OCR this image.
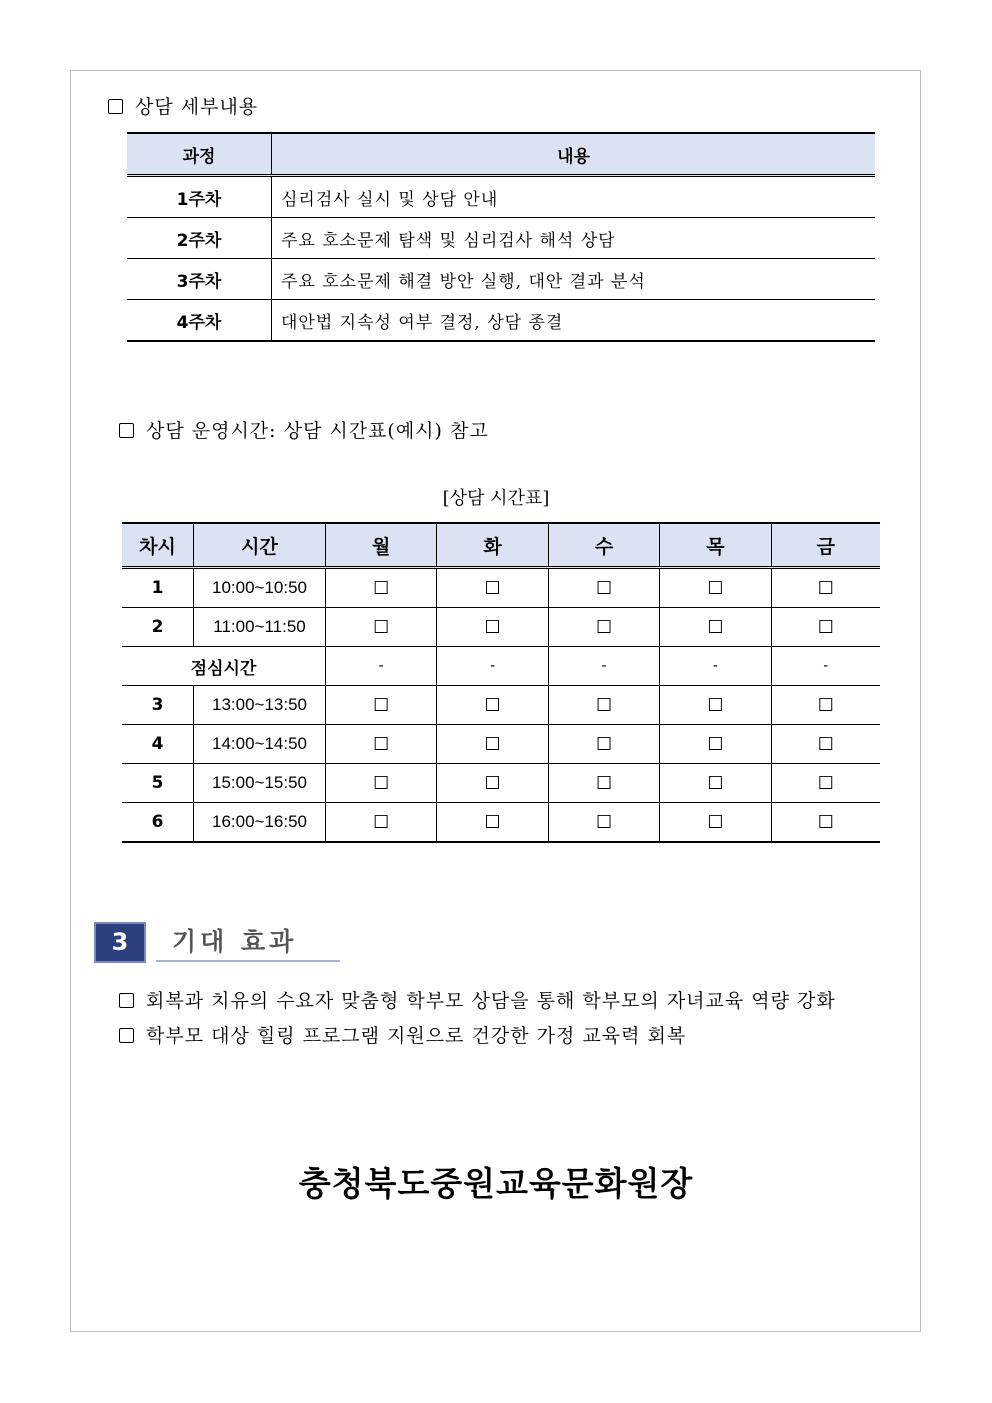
상담 세부내용
과정	내용
1주차	심리검사 실시 및 상담 안내
2주차	주요 호소문제 탐색 및 심리검사 해석 상담
3주차	주요 호소문제 해결 방안 실행, 대안 결과 분석
4주차	대안법 지속성 여부 결정, 상담 종결
상담 운영시간: 상담 시간표(예시) 참고
[상담 시간표]
차시	시간	월	화	수	목	금
1	10:00~10:50	☐	☐	☐	☐	☐
2	11:00~11:50	☐	☐	☐	☐	☐
점심시간		-	-	-	-	-
3	13:00~13:50	☐	☐	☐	☐	☐
4	14:00~14:50	☐	☐	☐	☐	☐
5	15:00~15:50	☐	☐	☐	☐	☐
6	16:00~16:50	☐	☐	☐	☐	☐
3	기대 효과
회복과 치유의 수요자 맞춤형 학부모 상담을 통해 학부모의 자녀교육 역량 강화
학부모 대상 힐링 프로그램 지원으로 건강한 가정 교육력 회복
충청북도중원교육문화원장
